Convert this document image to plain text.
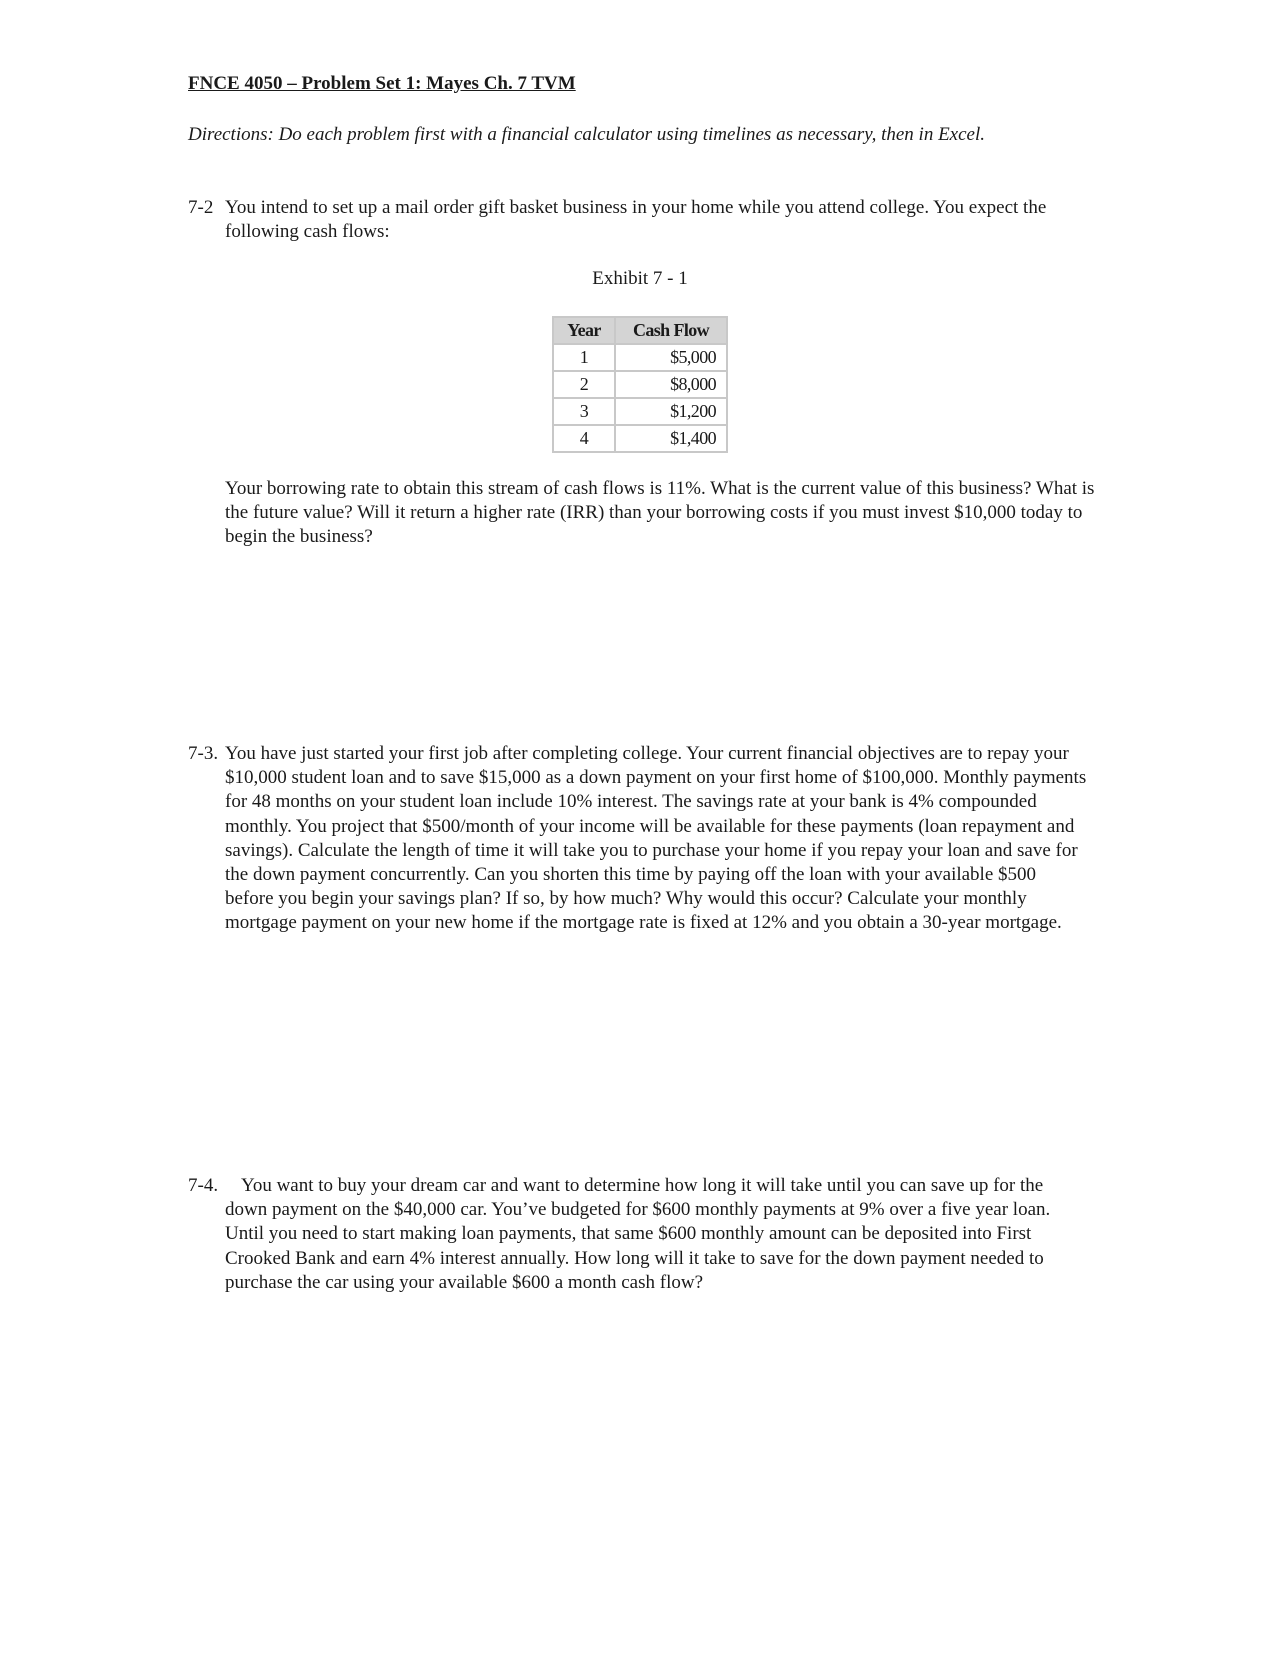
FNCE 4050 – Problem Set 1: Mayes Ch. 7 TVM
Directions: Do each problem first with a financial calculator using timelines as necessary, then in Excel.
7-2 You intend to set up a mail order gift basket business in your home while you attend college. You expect the following cash flows:
Exhibit 7 - 1
Year	Cash Flow
1	$5,000
2	$8,000
3	$1,200
4	$1,400
Your borrowing rate to obtain this stream of cash flows is 11%. What is the current value of this business? What is the future value? Will it return a higher rate (IRR) than your borrowing costs if you must invest $10,000 today to begin the business?
7-3. You have just started your first job after completing college. Your current financial objectives are to repay your $10,000 student loan and to save $15,000 as a down payment on your first home of $100,000. Monthly payments for 48 months on your student loan include 10% interest. The savings rate at your bank is 4% compounded monthly. You project that $500/month of your income will be available for these payments (loan repayment and savings). Calculate the length of time it will take you to purchase your home if you repay your loan and save for the down payment concurrently. Can you shorten this time by paying off the loan with your available $500 before you begin your savings plan? If so, by how much? Why would this occur? Calculate your monthly mortgage payment on your new home if the mortgage rate is fixed at 12% and you obtain a 30-year mortgage.
7-4.	You want to buy your dream car and want to determine how long it will take until you can save up for the down payment on the $40,000 car. You’ve budgeted for $600 monthly payments at 9% over a five year loan. Until you need to start making loan payments, that same $600 monthly amount can be deposited into First Crooked Bank and earn 4% interest annually. How long will it take to save for the down payment needed to purchase the car using your available $600 a month cash flow?
